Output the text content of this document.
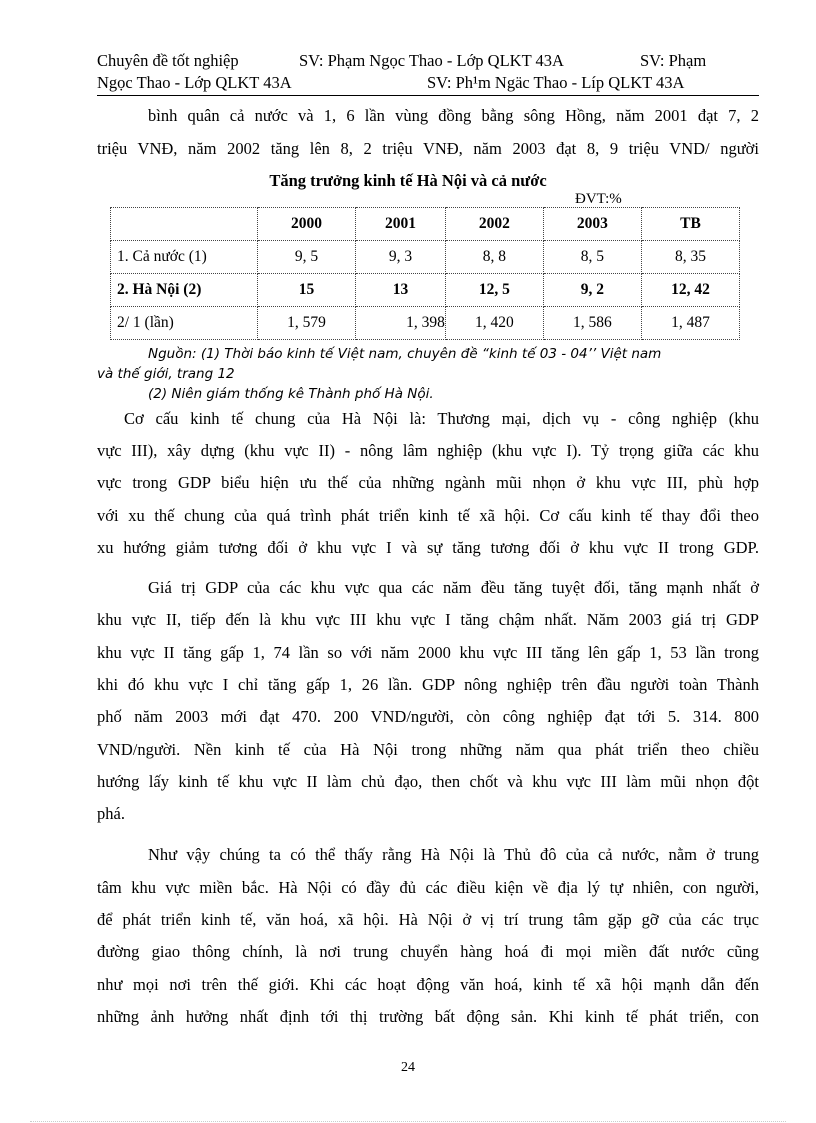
Chuyên đề tốt nghiệp	SV: Phạm Ngọc Thao - Lớp QLKT 43A	SV: Phạm
Ngọc Thao - Lớp QLKT 43A	SV: Ph¹m Ngäc Thao - Líp QLKT 43A
bình quân cả nước và 1, 6 lần vùng đồng bằng sông Hồng, năm 2001 đạt 7, 2
triệu VNĐ, năm 2002 tăng lên 8, 2 triệu VNĐ, năm 2003 đạt 8, 9 triệu VND/ người
Tăng trưởng kinh tế Hà Nội và cả nước
ĐVT:%
	2000	2001	2002	2003	TB
1. Cả nước (1)	9, 5	9, 3	8, 8	8, 5	8, 35
2. Hà Nội (2)	15	13	12, 5	9, 2	12, 42
2/ 1 (lần)	1, 579	1, 398	1, 420	1, 586	1, 487
Nguồn: (1) Thời báo kinh tế Việt nam, chuyên đề “kinh tế 03 - 04’’ Việt nam
và thế giới, trang 12
(2) Niên giám thống kê Thành phố Hà Nội.
Cơ cấu kinh tế chung của Hà Nội là: Thương mại, dịch vụ - công nghiệp (khu
vực III), xây dựng (khu vực II) - nông lâm nghiệp (khu vực I). Tỷ trọng giữa các khu
vực trong GDP biểu hiện ưu thế của những ngành mũi nhọn ở khu vực III, phù hợp
với xu thế chung của quá trình phát triển kinh tế xã hội. Cơ cấu kinh tế thay đổi theo
xu hướng giảm tương đối ở khu vực I và sự tăng tương đối ở khu vực II trong GDP.
Giá trị GDP của các khu vực qua các năm đều tăng tuyệt đối, tăng mạnh nhất ở
khu vực II, tiếp đến là khu vực III khu vực I tăng chậm nhất. Năm 2003 giá trị GDP
khu vực II tăng gấp 1, 74 lần so với năm 2000 khu vực III tăng lên gấp 1, 53 lần trong
khi đó khu vực I chỉ tăng gấp 1, 26 lần. GDP nông nghiệp trên đầu người toàn Thành
phố năm 2003 mới đạt 470. 200 VND/người, còn công nghiệp đạt tới 5. 314. 800
VND/người. Nền kinh tế của Hà Nội trong những năm qua phát triển theo chiều
hướng lấy kinh tế khu vực II làm chủ đạo, then chốt và khu vực III làm mũi nhọn đột
phá.
Như vậy chúng ta có thể thấy rằng Hà Nội là Thủ đô của cả nước, nằm ở trung
tâm khu vực miền bắc. Hà Nội có đầy đủ các điều kiện về địa lý tự nhiên, con người,
để phát triển kinh tế, văn hoá, xã hội. Hà Nội ở vị trí trung tâm gặp gỡ của các trục
đường giao thông chính, là nơi trung chuyển hàng hoá đi mọi miền đất nước cũng
như mọi nơi trên thế giới. Khi các hoạt động văn hoá, kinh tế xã hội mạnh dẫn đến
những ảnh hưởng nhất định tới thị trường bất động sản. Khi kinh tế phát triển, con
24
